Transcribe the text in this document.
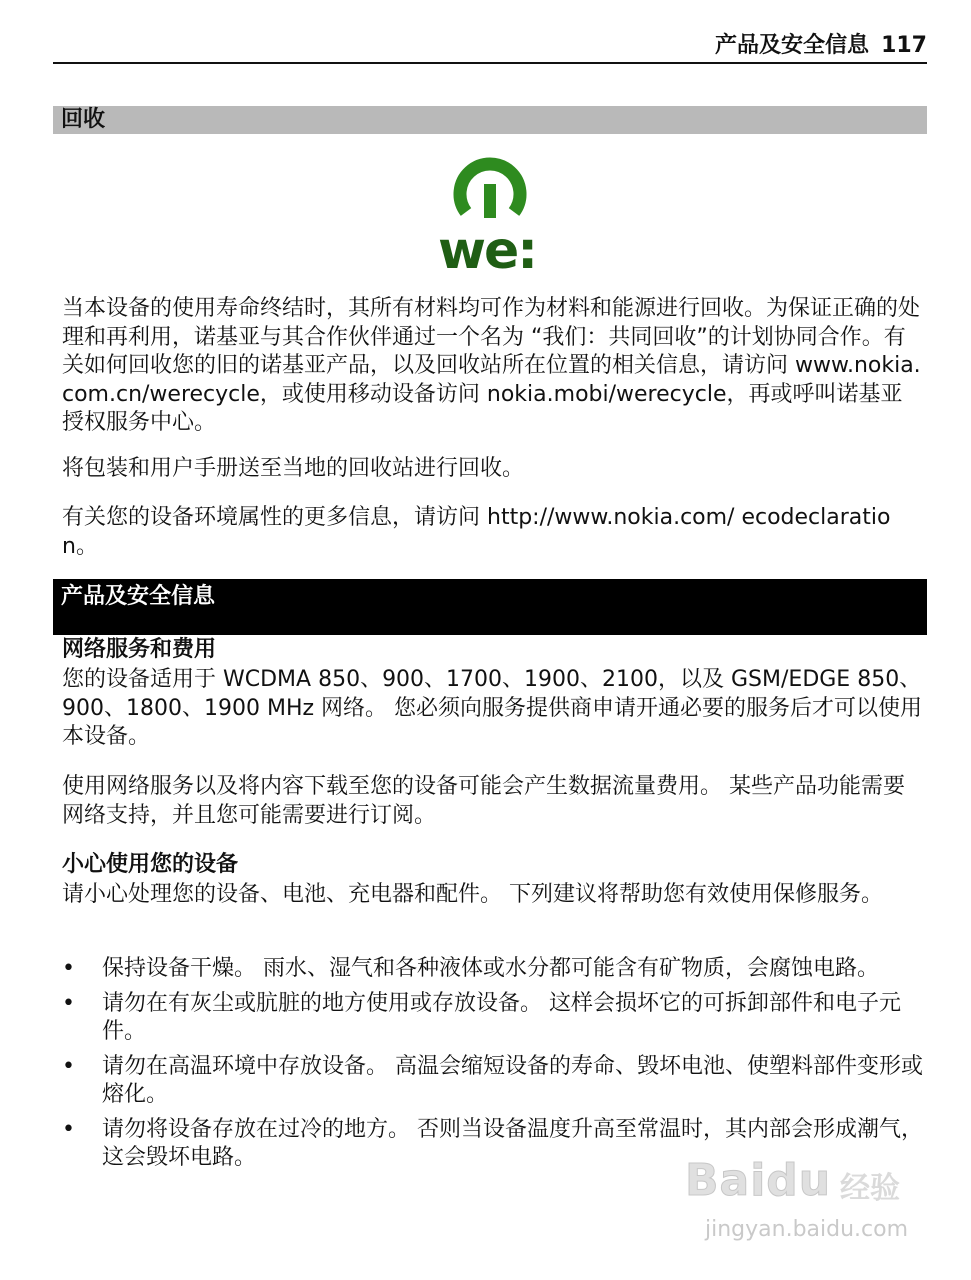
产品及安全信息 117
回收
we:

当本设备的使用寿命终结时，其所有材料均可作为材料和能源进行回收。为保证正确的处理和再利用，诺基亚与其合作伙伴通过一个名为 “我们：共同回收”的计划协同合作。有关如何回收您的旧的诺基亚产品，以及回收站所在位置的相关信息，请访问 www.nokia.com.cn/werecycle，或使用移动设备访问 nokia.mobi/werecycle，再或呼叫诺基亚授权服务中心。

将包装和用户手册送至当地的回收站进行回收。

有关您的设备环境属性的更多信息，请访问 http://www.nokia.com/ ecodeclaration。

产品及安全信息

网络服务和费用

您的设备适用于 WCDMA 850、900、1700、1900、2100，以及 GSM/EDGE 850、900、1800、1900 MHz 网络。 您必须向服务提供商申请开通必要的服务后才可以使用本设备。

使用网络服务以及将内容下载至您的设备可能会产生数据流量费用。 某些产品功能需要网络支持，并且您可能需要进行订阅。

小心使用您的设备

请小心处理您的设备、电池、充电器和配件。 下列建议将帮助您有效使用保修服务。

• 保持设备干燥。 雨水、湿气和各种液体或水分都可能含有矿物质，会腐蚀电路。
• 请勿在有灰尘或肮脏的地方使用或存放设备。 这样会损坏它的可拆卸部件和电子元件。
• 请勿在高温环境中存放设备。 高温会缩短设备的寿命、毁坏电池、使塑料部件变形或熔化。
• 请勿将设备存放在过冷的地方。 否则当设备温度升高至常温时，其内部会形成潮气，这会毁坏电路。	Baidu 经验
jingyan.baidu.com
